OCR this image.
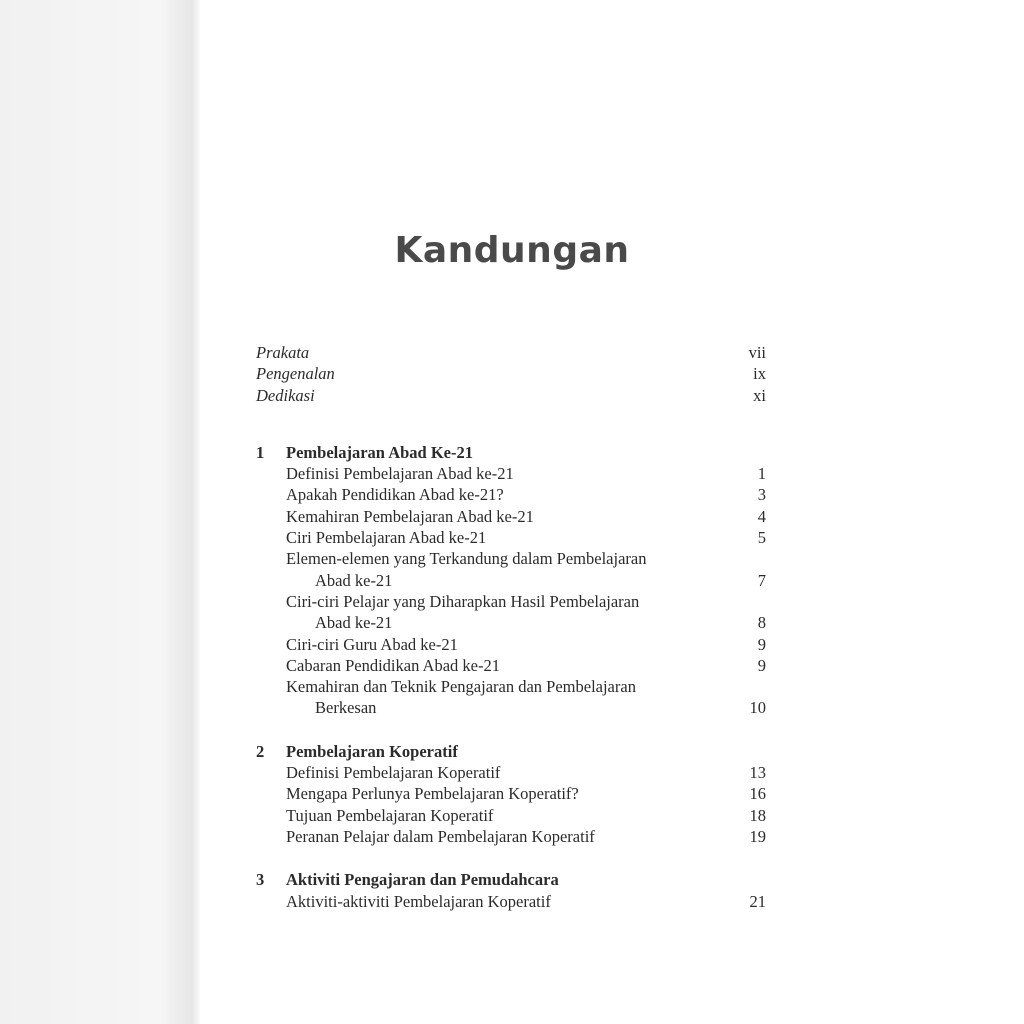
Kandungan
Prakata	vii
Pengenalan	ix
Dedikasi	xi
1	Pembelajaran Abad Ke-21
Definisi Pembelajaran Abad ke-21	1
Apakah Pendidikan Abad ke-21?	3
Kemahiran Pembelajaran Abad ke-21	4
Ciri Pembelajaran Abad ke-21	5
Elemen-elemen yang Terkandung dalam Pembelajaran
Abad ke-21	7
Ciri-ciri Pelajar yang Diharapkan Hasil Pembelajaran
Abad ke-21	8
Ciri-ciri Guru Abad ke-21	9
Cabaran Pendidikan Abad ke-21	9
Kemahiran dan Teknik Pengajaran dan Pembelajaran
Berkesan	10
2	Pembelajaran Koperatif
Definisi Pembelajaran Koperatif	13
Mengapa Perlunya Pembelajaran Koperatif?	16
Tujuan Pembelajaran Koperatif	18
Peranan Pelajar dalam Pembelajaran Koperatif	19
3	Aktiviti Pengajaran dan Pemudahcara
Aktiviti-aktiviti Pembelajaran Koperatif	21
